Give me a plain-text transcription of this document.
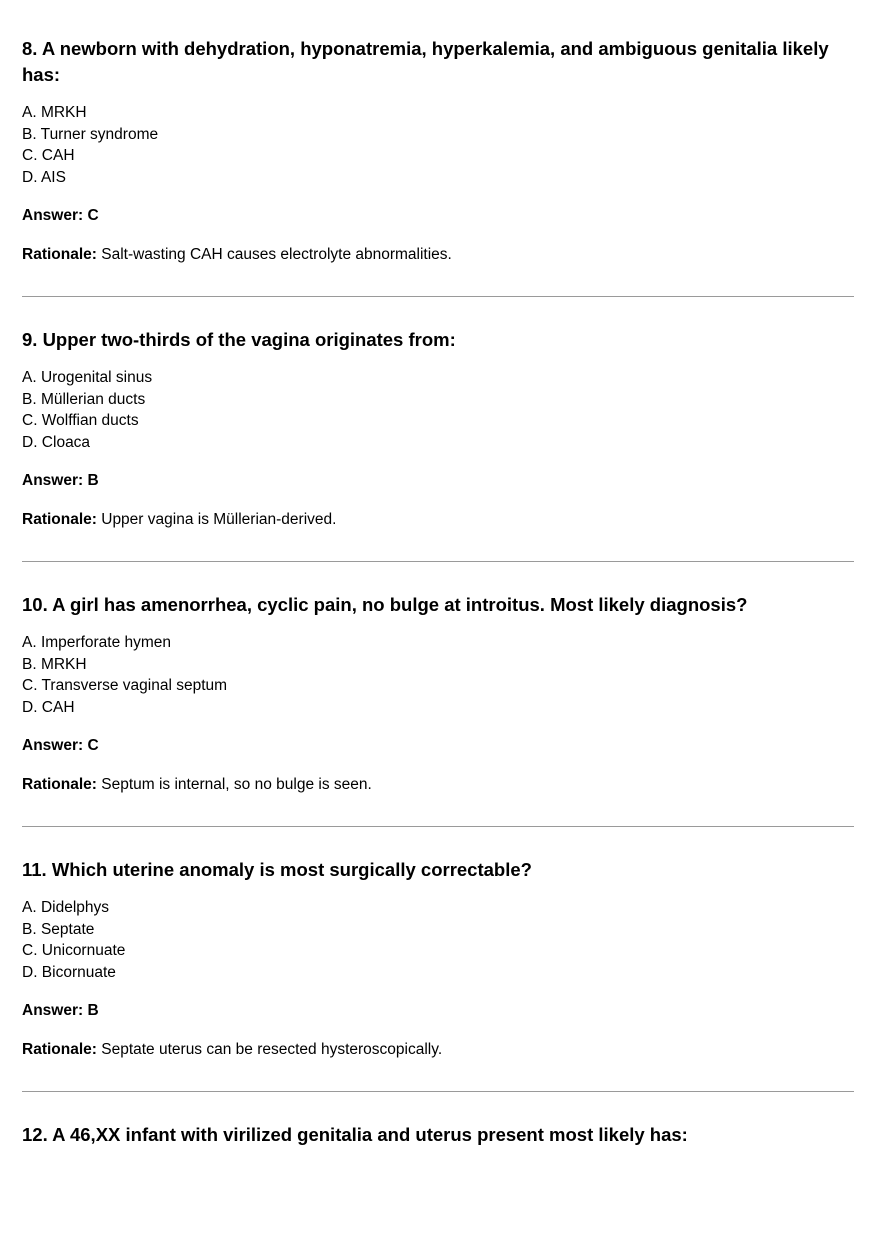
8. A newborn with dehydration, hyponatremia, hyperkalemia, and ambiguous genitalia likely has:
A. MRKH
B. Turner syndrome
C. CAH
D. AIS

Answer: C

Rationale: Salt-wasting CAH causes electrolyte abnormalities.

9. Upper two-thirds of the vagina originates from:
A. Urogenital sinus
B. Müllerian ducts
C. Wolffian ducts
D. Cloaca

Answer: B

Rationale: Upper vagina is Müllerian-derived.

10. A girl has amenorrhea, cyclic pain, no bulge at introitus. Most likely diagnosis?
A. Imperforate hymen
B. MRKH
C. Transverse vaginal septum
D. CAH

Answer: C

Rationale: Septum is internal, so no bulge is seen.

11. Which uterine anomaly is most surgically correctable?
A. Didelphys
B. Septate
C. Unicornuate
D. Bicornuate

Answer: B

Rationale: Septate uterus can be resected hysteroscopically.

12. A 46,XX infant with virilized genitalia and uterus present most likely has:
